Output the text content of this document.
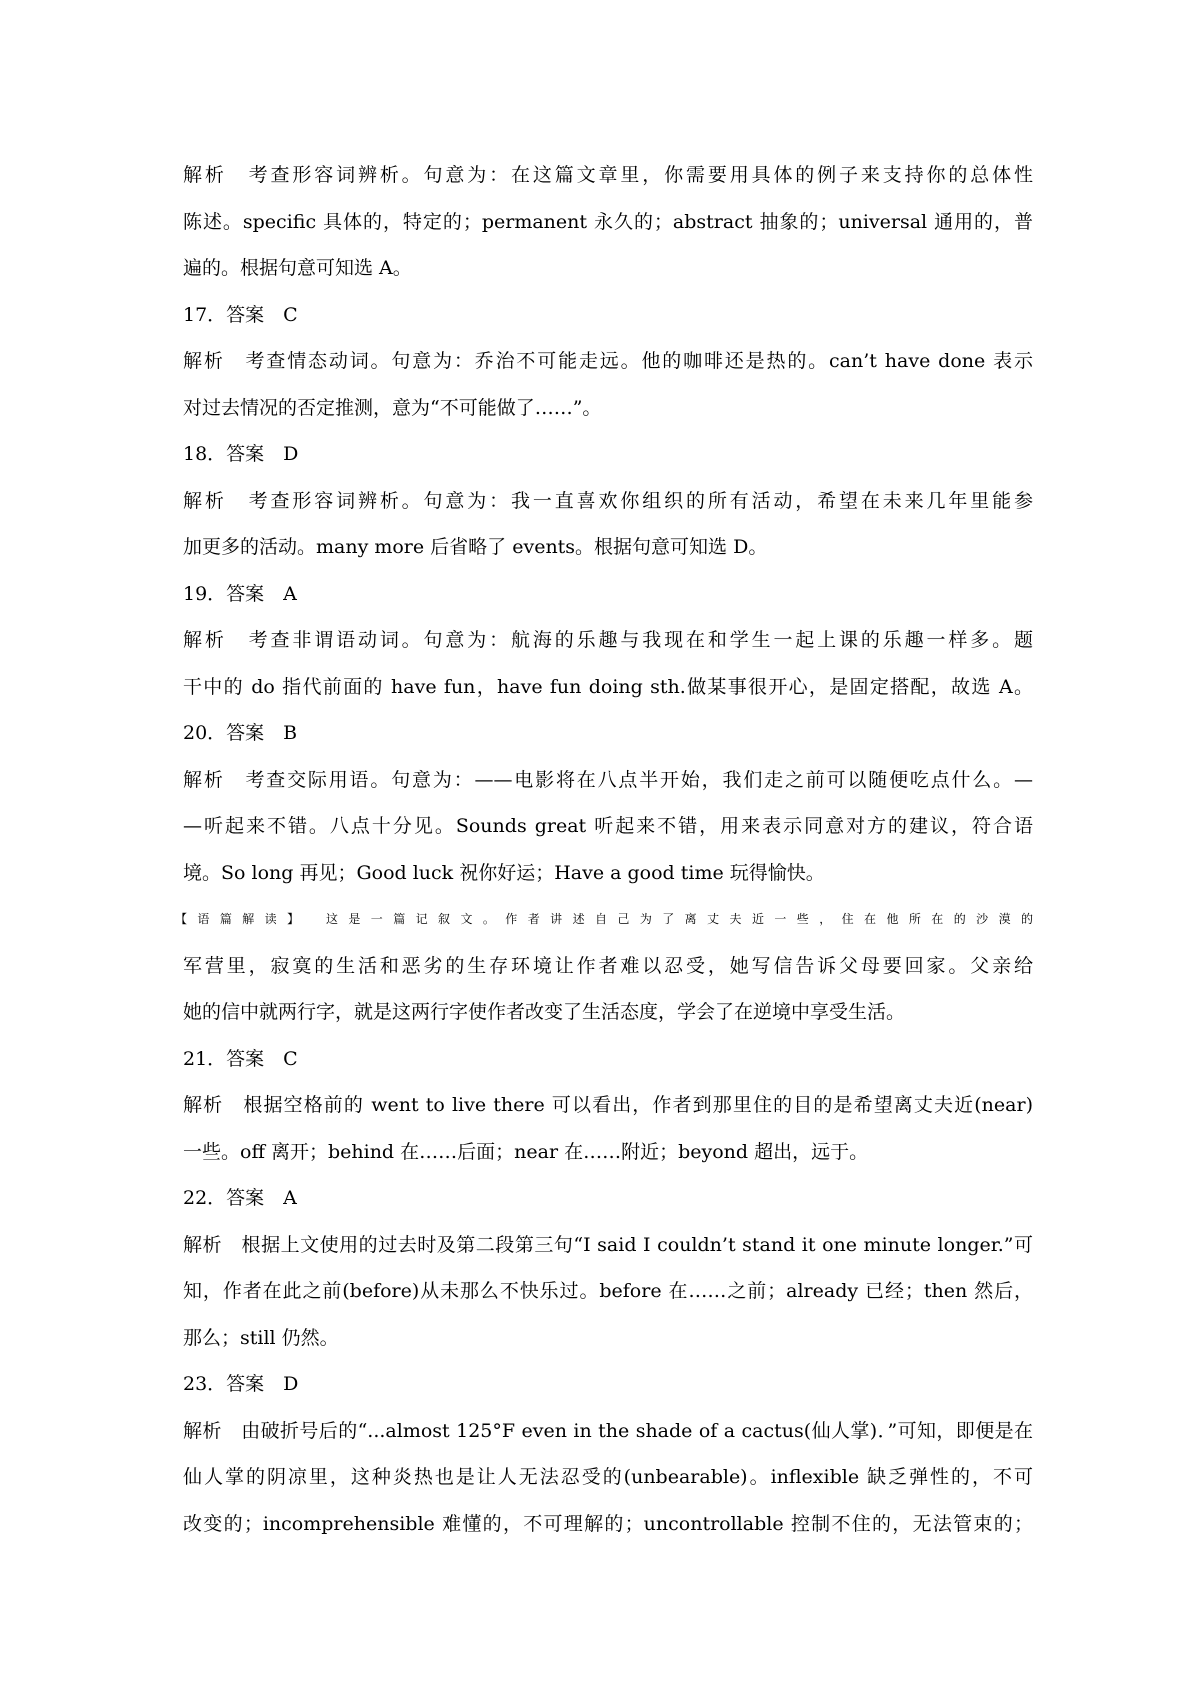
解析　考查形容词辨析。句意为：在这篇文章里，你需要用具体的例子来支持你的总体性
陈述。specific 具体的，特定的；permanent 永久的；abstract 抽象的；universal 通用的，普
遍的。根据句意可知选 A。
17．答案　C
解析　考查情态动词。句意为：乔治不可能走远。他的咖啡还是热的。can’t have done 表示
对过去情况的否定推测，意为“不可能做了……”。
18．答案　D
解析　考查形容词辨析。句意为：我一直喜欢你组织的所有活动，希望在未来几年里能参
加更多的活动。many more 后省略了 events。根据句意可知选 D。
19．答案　A
解析　考查非谓语动词。句意为：航海的乐趣与我现在和学生一起上课的乐趣一样多。题
干中的 do 指代前面的 have fun，have fun doing sth.做某事很开心，是固定搭配，故选 A。
20．答案　B
解析　考查交际用语。句意为：——电影将在八点半开始，我们走之前可以随便吃点什么。—
—听起来不错。八点十分见。Sounds great 听起来不错，用来表示同意对方的建议，符合语
境。So long 再见；Good luck 祝你好运；Have a good time 玩得愉快。
【语篇解读】　这是一篇记叙文。作者讲述自己为了离丈夫近一些，住在他所在的沙漠的
军营里，寂寞的生活和恶劣的生存环境让作者难以忍受，她写信告诉父母要回家。父亲给
她的信中就两行字，就是这两行字使作者改变了生活态度，学会了在逆境中享受生活。
21．答案　C
解析　根据空格前的 went to live there 可以看出，作者到那里住的目的是希望离丈夫近(near)
一些。off 离开；behind 在……后面；near 在……附近；beyond 超出，远于。
22．答案　A
解析　根据上文使用的过去时及第二段第三句“I said I couldn’t stand it one minute longer.”可
知，作者在此之前(before)从未那么不快乐过。before 在……之前；already 已经；then 然后，
那么；still 仍然。
23．答案　D
解析　由破折号后的“...almost 125°F even in the shade of a cactus(仙人掌)．”可知，即便是在
仙人掌的阴凉里，这种炎热也是让人无法忍受的(unbearable)。inflexible 缺乏弹性的，不可
改变的；incomprehensible 难懂的，不可理解的；uncontrollable 控制不住的，无法管束的；
